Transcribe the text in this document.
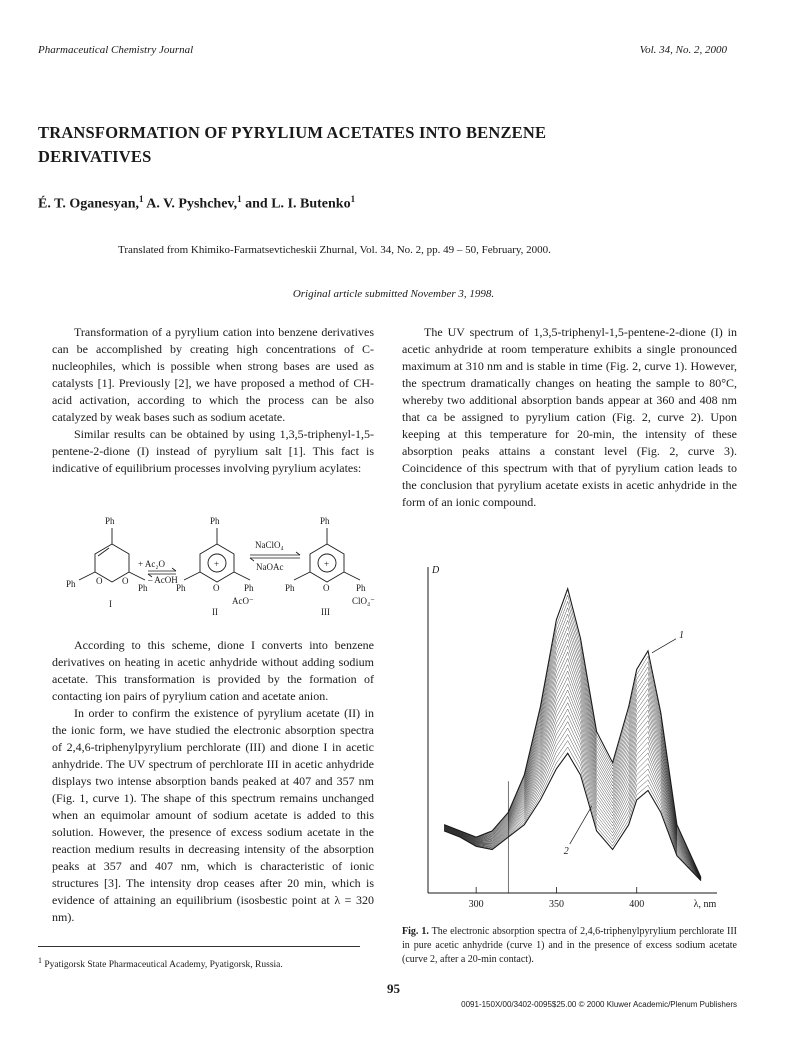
Pharmaceutical Chemistry Journal	Vol. 34, No. 2, 2000
TRANSFORMATION OF PYRYLIUM ACETATES INTO BENZENE DERIVATIVES
É. T. Oganesyan,$^1$ A. V. Pyshchev,$^1$ and L. I. Butenko$^1$
Translated from Khimiko-Farmatsevticheskii Zhurnal, Vol. 34, No. 2, pp. 49 – 50, February, 2000.
Original article submitted November 3, 1998.

Transformation of a pyrylium cation into benzene derivatives can be accomplished by creating high concentrations of C-nucleophiles, which is possible when strong bases are used as catalysts [1]. Previously [2], we have proposed a method of CH-acid activation, according to which the process can be also catalyzed by weak bases such as sodium acetate.

Similar results can be obtained by using 1,3,5-triphenyl-1,5-pentene-2-dione (I) instead of pyrylium salt [1]. This fact is indicative of equilibrium processes involving pyrylium acylates:

Ph
Ph	Ph
O O
I
+ Ac₂O
– AcOH
Ph
Ph	Ph
+
O
AcO⁻
II
NaClO₄
NaOAc
Ph
Ph	Ph
+
O
ClO₄⁻
III

According to this scheme, dione I converts into benzene derivatives on heating in acetic anhydride without adding sodium acetate. This transformation is provided by the formation of contacting ion pairs of pyrylium cation and acetate anion.

In order to confirm the existence of pyrylium acetate (II) in the ionic form, we have studied the electronic absorption spectra of 2,4,6-triphenylpyrylium perchlorate (III) and dione I in acetic anhydride. The UV spectrum of perchlorate III in acetic anhydride displays two intense absorption bands peaked at 407 and 357 nm (Fig. 1, curve 1). The shape of this spectrum remains unchanged when an equimolar amount of sodium acetate is added to this solution. However, the presence of excess sodium acetate in the reaction medium results in decreasing intensity of the absorption peaks at 357 and 407 nm, which is characteristic of ionic structures [3]. The intensity drop ceases after 20 min, which is evidence of attaining an equilibrium (isosbestic point at λ = 320 nm).

The UV spectrum of 1,3,5-triphenyl-1,5-pentene-2-dione (I) in acetic anhydride at room temperature exhibits a single pronounced maximum at 310 nm and is stable in time (Fig. 2, curve 1). However, the spectrum dramatically changes on heating the sample to 80°C, whereby two additional absorption bands appear at 360 and 408 nm that ca be assigned to pyrylium cation (Fig. 2, curve 2). Upon keeping at this temperature for 20-min, the intensity of these absorption peaks attains a constant level (Fig. 2, curve 3). Coincidence of this spectrum with that of pyrylium cation leads to the conclusion that pyrylium acetate exists in acetic anhydride in the form of an ionic compound.

D
300	350	400	λ, nm
1
2
Fig. 1. The electronic absorption spectra of 2,4,6-triphenylpyrylium perchlorate III in pure acetic anhydride (curve 1) and in the presence of excess sodium acetate (curve 2, after a 20-min contact).
$^1$ Pyatigorsk State Pharmaceutical Academy, Pyatigorsk, Russia.
95
0091-150X/00/3402-0095$25.00 © 2000 Kluwer Academic/Plenum Publishers
